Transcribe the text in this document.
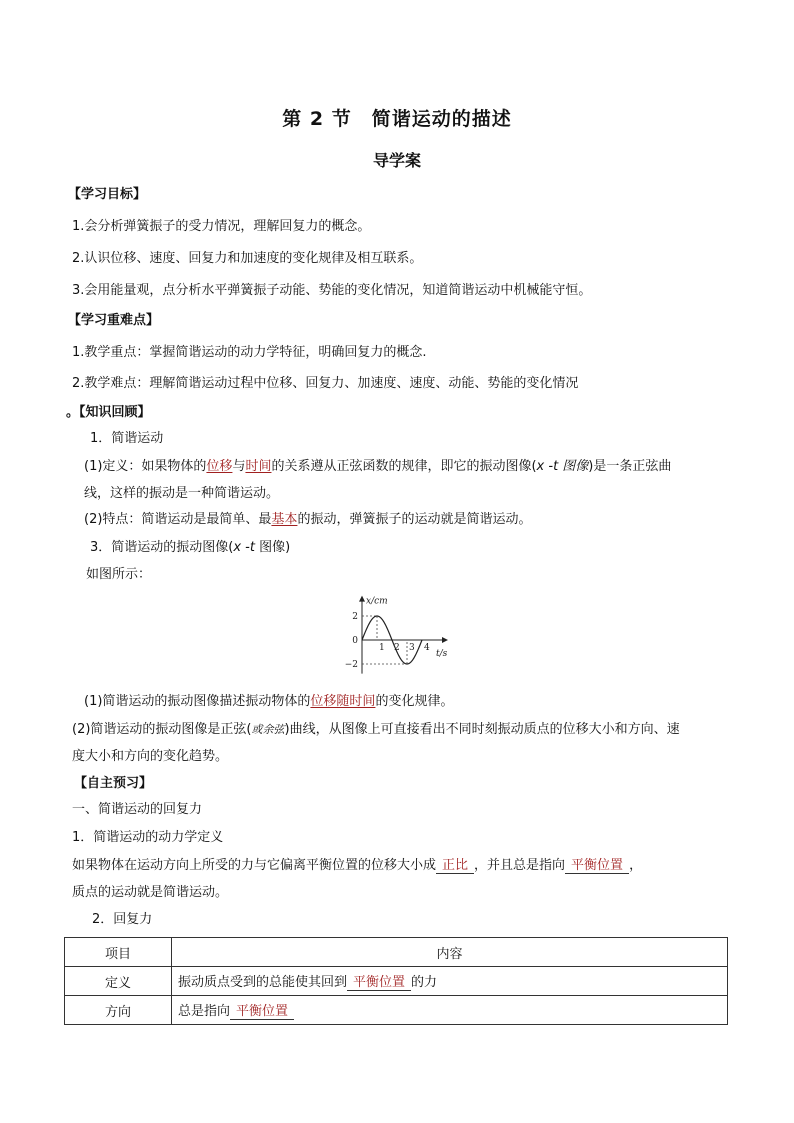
第 2 节　简谐运动的描述
导学案
【学习目标】
1.会分析弹簧振子的受力情况，理解回复力的概念。
2.认识位移、速度、回复力和加速度的变化规律及相互联系。
3.会用能量观，点分析水平弹簧振子动能、势能的变化情况，知道简谐运动中机械能守恒。
【学习重难点】
1.教学重点：掌握简谐运动的动力学特征，明确回复力的概念.
2.教学难点：理解简谐运动过程中位移、回复力、加速度、速度、动能、势能的变化情况
。【知识回顾】
1．简谐运动
(1)定义：如果物体的位移与时间的关系遵从正弦函数的规律，即它的振动图像(x -t 图像)是一条正弦曲
线，这样的振动是一种简谐运动。
(2)特点：简谐运动是最简单、最基本的振动，弹簧振子的运动就是简谐运动。
3．简谐运动的振动图像(x -t 图像)
如图所示：
1 2 3 4
2
0
−2
t/s
x/cm
(1)简谐运动的振动图像描述振动物体的位移随时间的变化规律。
(2)简谐运动的振动图像是正弦(或余弦)曲线，从图像上可直接看出不同时刻振动质点的位移大小和方向、速
度大小和方向的变化趋势。
【自主预习】
一、简谐运动的回复力
1．简谐运动的动力学定义
如果物体在运动方向上所受的力与它偏离平衡位置的位移大小成 正比 ，并且总是指向 平衡位置 ，
质点的运动就是简谐运动。
2．回复力
项目	内容
定义	振动质点受到的总能使其回到 平衡位置 的力
方向	总是指向 平衡位置
